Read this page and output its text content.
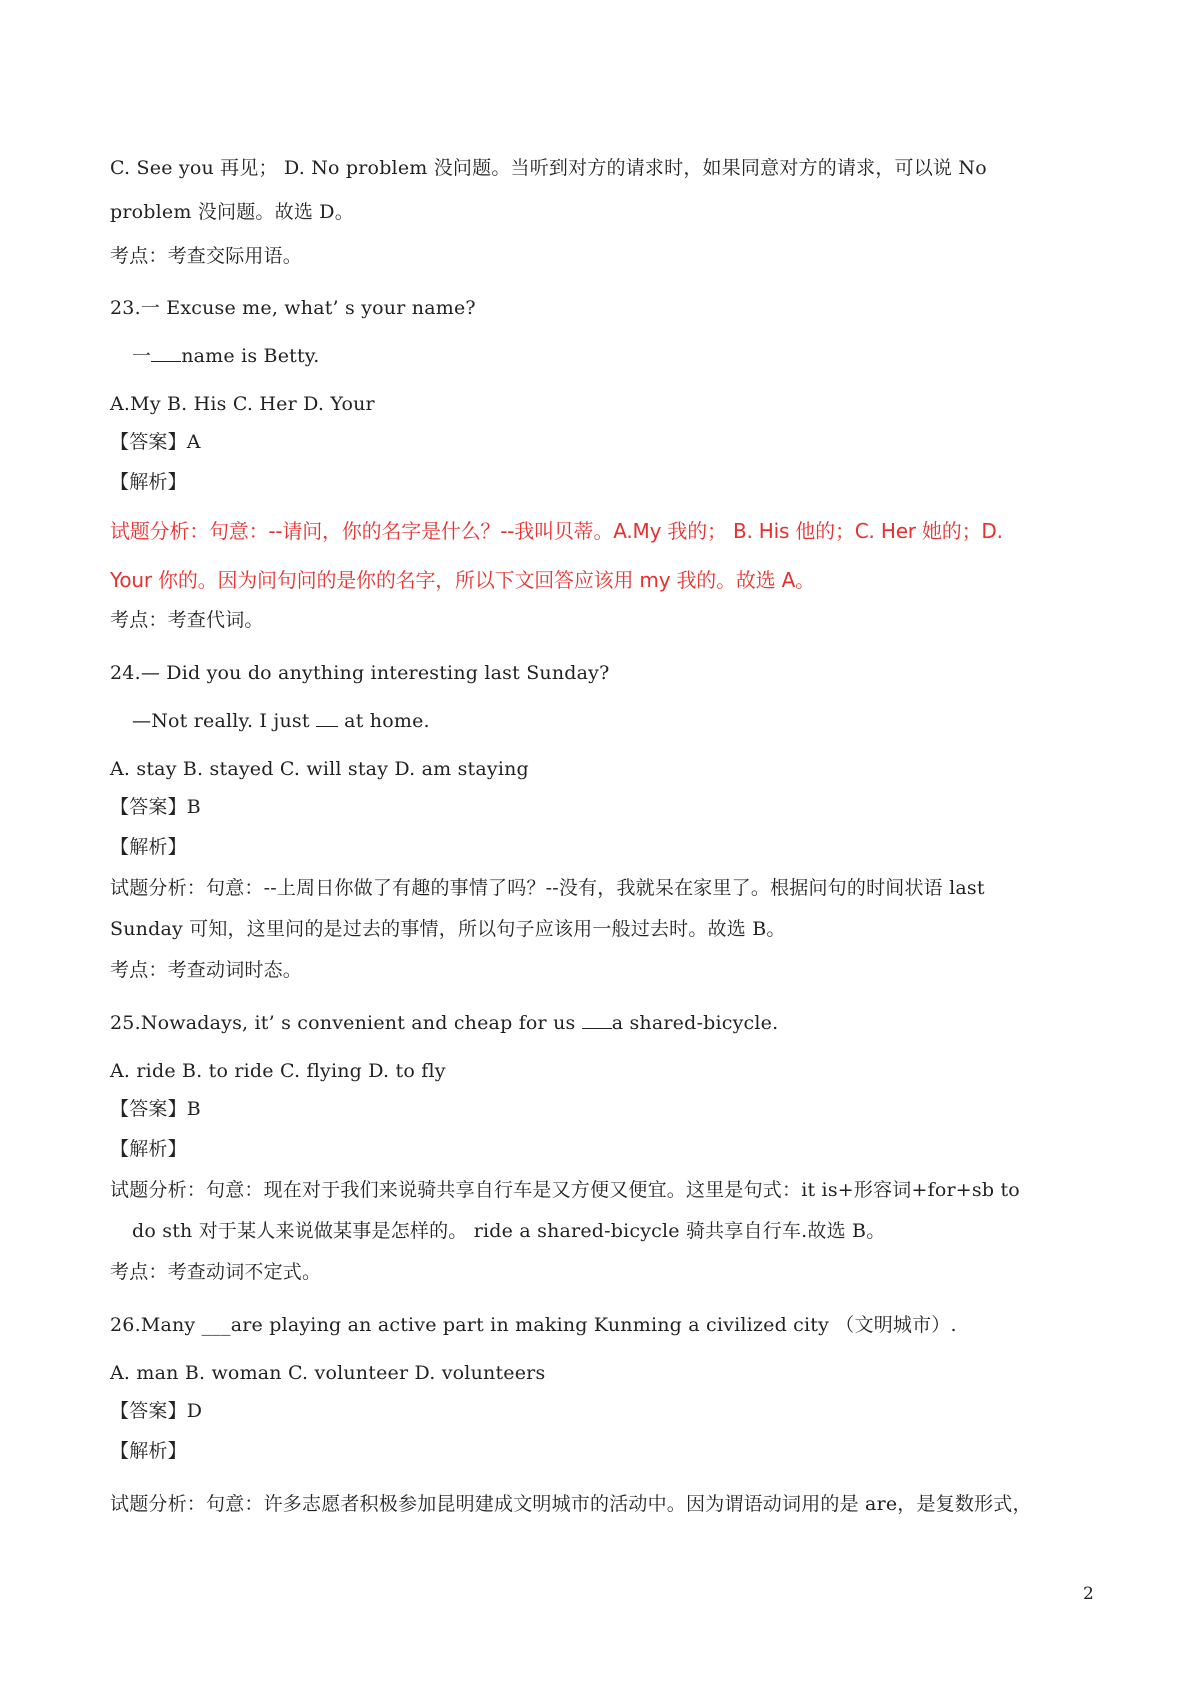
C. See you 再见； D. No problem 没问题。当听到对方的请求时，如果同意对方的请求，可以说 No
problem 没问题。故选 D。
考点：考查交际用语。
23.一 Excuse me, what’ s your name?
一 name is Betty.
A.My B. His C. Her D. Your
【答案】A
【解析】
试题分析：句意：--请问，你的名字是什么？--我叫贝蒂。A.My 我的； B. His 他的；C. Her 她的；D.
Your 你的。因为问句问的是你的名字，所以下文回答应该用 my 我的。故选 A。
考点：考查代词。
24.— Did you do anything interesting last Sunday?
—Not really. I just  at home.
A. stay B. stayed C. will stay D. am staying
【答案】B
【解析】
试题分析：句意：--上周日你做了有趣的事情了吗？--没有，我就呆在家里了。根据问句的时间状语 last
Sunday 可知，这里问的是过去的事情，所以句子应该用一般过去时。故选 B。
考点：考查动词时态。
25.Nowadays, it’ s convenient and cheap for us a shared-bicycle.
A. ride B. to ride C. flying D. to fly
【答案】B
【解析】
试题分析：句意：现在对于我们来说骑共享自行车是又方便又便宜。这里是句式：it is+形容词+for+sb to
do sth 对于某人来说做某事是怎样的。 ride a shared-bicycle 骑共享自行车.故选 B。
考点：考查动词不定式。
26.Many ___are playing an active part in making Kunming a civilized city （文明城市）.
A. man B. woman C. volunteer D. volunteers
【答案】D
【解析】
试题分析：句意：许多志愿者积极参加昆明建成文明城市的活动中。因为谓语动词用的是 are，是复数形式，
2
